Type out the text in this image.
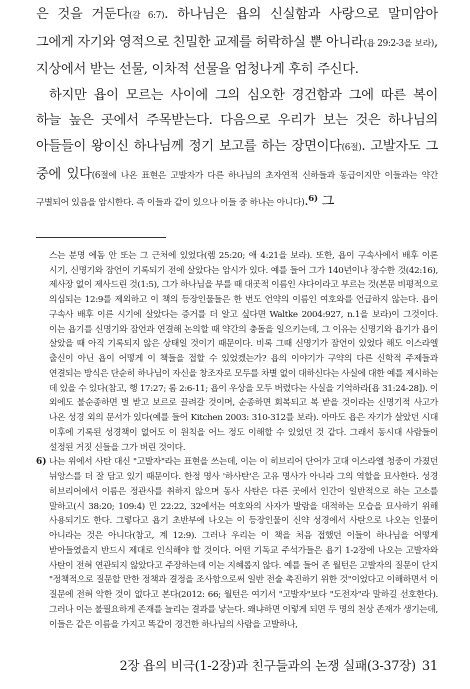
은 것을 거둔다(갈 6:7). 하나님은 욥의 신실함과 사랑으로 말미암아 그에게 자기와 영적으로 친밀한 교제를 허락하실 뿐 아니라(욥 29:2-3을 보라), 지상에서 받는 선물, 이차적 선물을 엄청나게 후히 주신다.

하지만 욥이 모르는 사이에 그의 심오한 경건함과 그에 따른 복이 하늘 높은 곳에서 주목받는다. 다음으로 우리가 보는 것은 하나님의 아들들이 왕이신 하나님께 정기 보고를 하는 장면이다(6절). 고발자도 그 중에 있다(6절에 나온 표현은 고발자가 다른 하나님의 초자연적 신하들과 동급이지만 이들과는 약간 구별되어 있음을 암시한다. 즉 이들과 같이 있으나 이들 중 하나는 아니다).$^{6)}$ 그

스는 분명 에돔 안 또는 그 근처에 있었다(렘 25:20; 애 4:21을 보라). 또한, 욥이 구속사에서 배후 이론 시기, 신명기와 잠언이 기록되기 전에 살았다는 암시가 있다. 예를 들어 그가 140년이나 장수한 것(42:16), 제사장 없이 제사드린 것(1:5), 그가 하나님을 부를 때 대곳적 이름인 샤다이라고 부르는 것(본문 비평적으로 의심되는 12:9를 제외하고 이 책의 등장인물들은 한 번도 언약의 이름인 여호와를 언급하지 않는다. 욥이 구속사 배후 이른 시기에 살았다는 증거를 더 알고 싶다면 Waltke 2004:927, n.1을 보라)이 그것이다. 이는 욥기를 신명기와 잠언과 연결해 논의할 때 약간의 충돌을 일으키는데, 그 이유는 신명기와 욥기가 욥이 살았을 때 아직 기록되지 않은 상태일 것이기 때문이다. 비록 그때 신명기가 잠언이 있었다 해도 이스라엘 출신이 아닌 욥이 어떻게 이 책들을 접할 수 있었겠는가? 욥의 이야기가 구약의 다른 신학적 주제들과 연결되는 방식은 단순히 하나님이 자신을 창조자로 모두를 차별 없이 대하신다는 사실에 대한 예를 제시하는 데 있을 수 있다(참고, 행 17:27; 롬 2:6-11; 욥이 우상을 모두 버렸다는 사실을 기억하라[욥 31:24-28]). 이 외에도 불순종하면 벌 받고 보르로 끌려갈 것이며, 순종하면 회복되고 복 받을 것이라는 신명기적 사고가 나온 성경 외의 문서가 있다(예를 들어 Kitchen 2003: 310-312를 보라). 아마도 욥은 자기가 살았던 시대 이후에 기록된 성경책이 없어도 이 원칙을 어느 정도 이해할 수 있었던 것 같다. 그래서 동시대 사람들이 설정된 거짓 신들을 그가 버린 것이다.

6) 나는 위에서 사탄 대신 "고발자"라는 표현을 쓰는데, 이는 이 히브리어 단어가 고대 이스라엘 청중이 가졌던 뉘앙스를 더 잘 담고 있기 때문이다. 한정 명사 '하사탄'은 고유 명사가 아니라 그의 역할을 묘사한다. 성경 히브리어에서 이름은 정관사를 취하지 않으며 동사 사탄은 다른 곳에서 인간이 일반적으로 하는 고소를 말하고(시 38:20; 109:4) 민 22:22, 32에서는 여호와의 사자가 발람을 대적하는 모습을 묘사하기 위해 사용되기도 한다. 그렇다고 욥기 초반부에 나오는 이 등장인물이 신약 성경에서 사탄으로 나오는 인물이 아니라는 것은 아니다(참고, 계 12:9). 그러나 우리는 이 책을 처음 접했던 이들이 하나님을 어떻게 받아들였을지 반드시 제대로 인식해야 할 것이다. 어떤 기독교 주석가들은 욥기 1-2장에 나오는 고발자와 사탄이 전혀 연관되지 않았다고 주장하는데 이는 지혜롭지 않다. 예를 들어 존 월턴은 고발자의 질문이 단지 "정책적으로 질문할 만한 정책과 결정을 조사함으로써 일반 전술 촉진하기 위한 것"이었다고 이해하면서 이 질문에 전혀 악한 것이 없다고 본다(2012: 66; 월턴은 여기서 "고발자"보다 "도전자"라 말하길 선호한다). 그러나 이는 불필요하게 존재를 늘리는 결과를 낳는다. 왜냐하면 이렇게 되면 두 명의 천상 존재가 생기는데, 이들은 같은 이름을 가지고 똑같이 경건한 하나님의 사람을 고발하나,

2장 욥의 비극(1-2장)과 친구들과의 논쟁 실패(3-37장) 31
